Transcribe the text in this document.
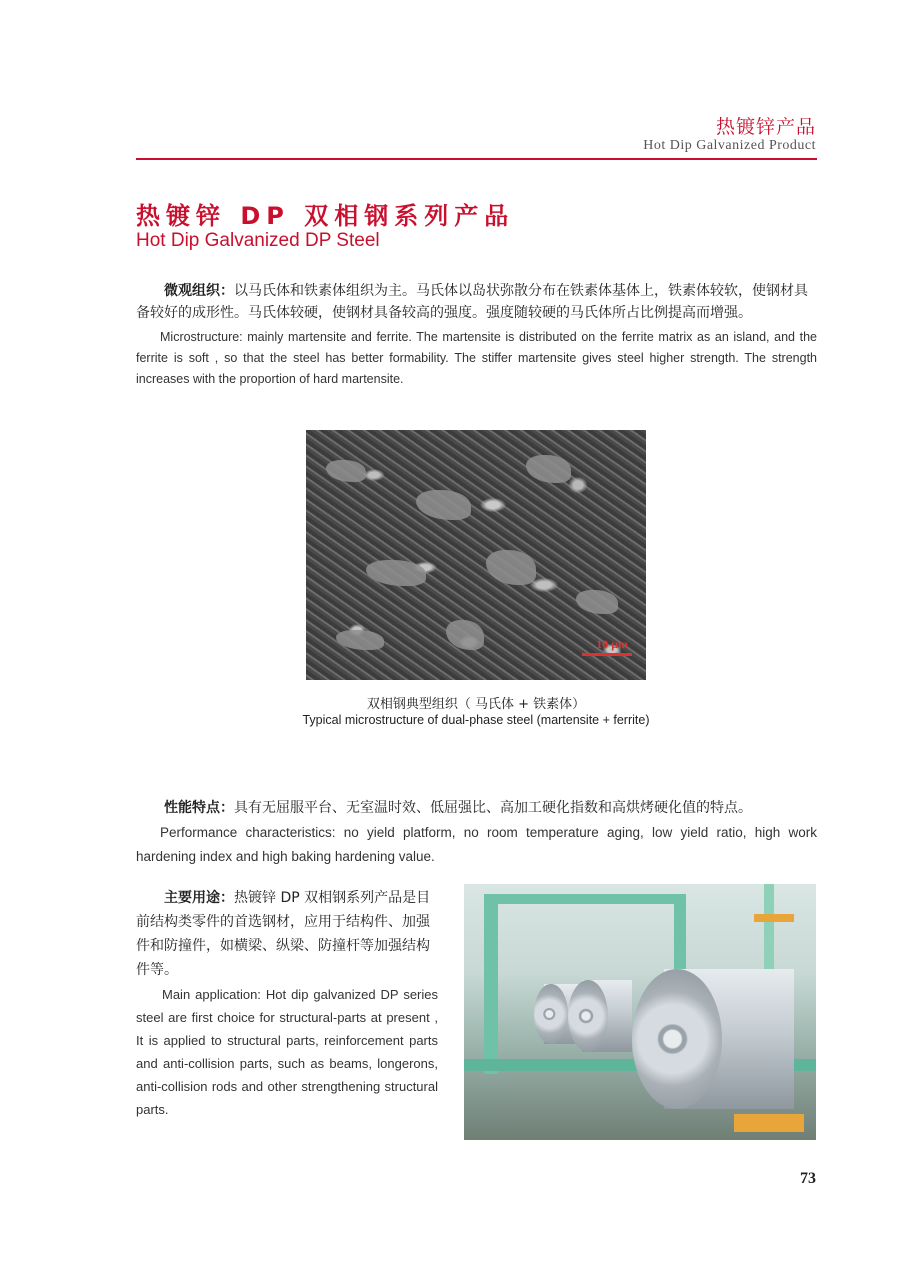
热镀锌产品
Hot Dip Galvanized Product
热镀锌 DP 双相钢系列产品
Hot Dip Galvanized DP Steel

微观组织：以马氏体和铁素体组织为主。马氏体以岛状弥散分布在铁素体基体上，铁素体较软，使钢材具备较好的成形性。马氏体较硬，使钢材具备较高的强度。强度随较硬的马氏体所占比例提高而增强。

Microstructure: mainly martensite and ferrite. The martensite is distributed on the ferrite matrix as an island, and the ferrite is soft , so that the steel has better formability. The stiffer martensite gives steel higher strength. The strength increases with the proportion of hard martensite.

10 μm
双相钢典型组织（ 马氏体 + 铁素体）
Typical microstructure of dual-phase steel (martensite + ferrite)

性能特点：具有无屈服平台、无室温时效、低屈强比、高加工硬化指数和高烘烤硬化值的特点。

Performance characteristics: no yield platform, no room temperature aging, low yield ratio, high work hardening index and high baking hardening value.

主要用途：热镀锌 DP 双相钢系列产品是目前结构类零件的首选钢材，应用于结构件、加强件和防撞件，如横梁、纵梁、防撞杆等加强结构件等。

Main application: Hot dip galvanized DP series steel are first choice for structural-parts at present , It is applied to structural parts, reinforcement parts and anti-collision parts, such as beams, longerons, anti-collision rods and other strengthening structural parts.

73
